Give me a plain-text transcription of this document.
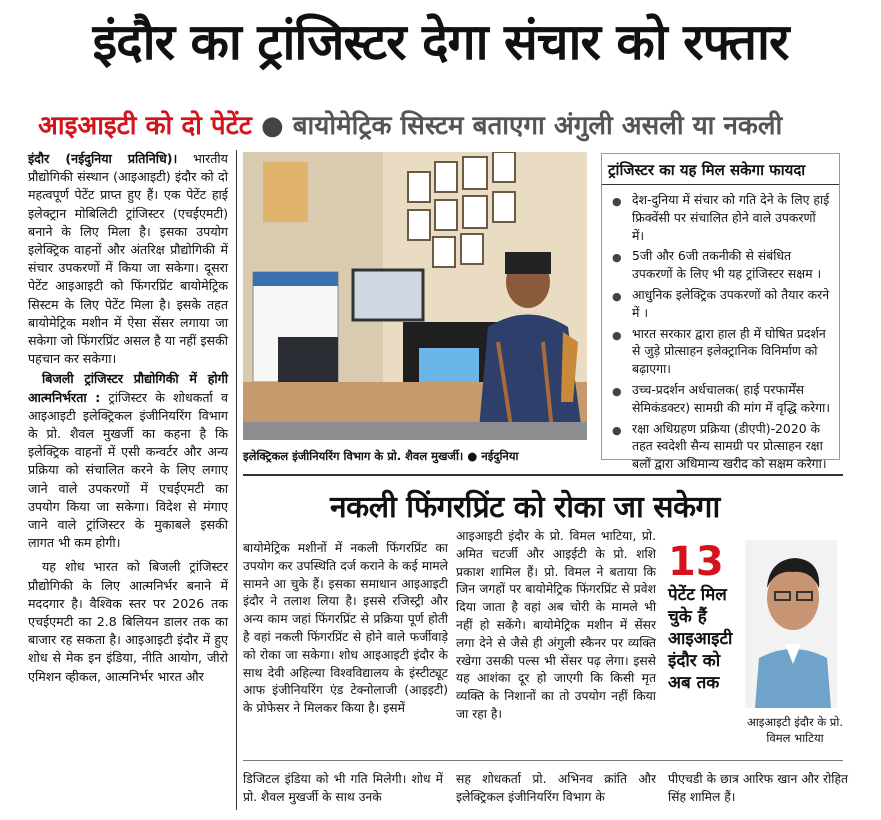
इंदौर का ट्रांजिस्टर देगा संचार को रफ्तार
आइआइटी को दो पेटेंट ● बायोमेट्रिक सिस्टम बताएगा अंगुली असली या नकली

इंदौर (नईदुनिया प्रतिनिधि)। भारतीय प्रौद्योगिकी संस्थान (आइआइटी) इंदौर को दो महत्वपूर्ण पेटेंट प्राप्त हुए हैं। एक पेटेंट हाई इलेक्ट्रान मोबिलिटी ट्रांजिस्टर (एचईएमटी) बनाने के लिए मिला है। इसका उपयोग इलेक्ट्रिक वाहनों और अंतरिक्ष प्रौद्योगिकी में संचार उपकरणों में किया जा सकेगा। दूसरा पेटेंट आइआइटी को फिंगरप्रिंट बायोमेट्रिक सिस्टम के लिए पेटेंट मिला है। इसके तहत बायोमेट्रिक मशीन में ऐसा सेंसर लगाया जा सकेगा जो फिंगरप्रिंट असल है या नहीं इसकी पहचान कर सकेगा।

बिजली ट्रांजिस्टर प्रौद्योगिकी में होगी आत्मनिर्भरता : ट्रांजिस्टर के शोधकर्ता व आइआइटी इलेक्ट्रिकल इंजीनियरिंग विभाग के प्रो. शैवल मुखर्जी का कहना है कि इलेक्ट्रिक वाहनों में एसी कन्वर्टर और अन्य प्रक्रिया को संचालित करने के लिए लगाए जाने वाले उपकरणों में एचईएमटी का उपयोग किया जा सकेगा। विदेश से मंगाए जाने वाले ट्रांजिस्टर के मुकाबले इसकी लागत भी कम होगी।

यह शोध भारत को बिजली ट्रांजिस्टर प्रौद्योगिकी के लिए आत्मनिर्भर बनाने में मददगार है। वैश्विक स्तर पर 2026 तक एचईएमटी का 2.8 बिलियन डालर तक का बाजार रह सकता है। आइआइटी इंदौर में हुए शोध से मेक इन इंडिया, नीति आयोग, जीरो एमिशन व्हीकल, आत्मनिर्भर भारत और

इलेक्ट्रिकल इंजीनियरिंग विभाग के प्रो. शैवल मुखर्जी। ● नईदुनिया
ट्रांजिस्टर का यह मिल सकेगा फायदा
● देश-दुनिया में संचार को गति देने के लिए हाई फ्रिक्वेंसी पर संचालित होने वाले उपकरणों में।
● 5जी और 6जी तकनीकी से संबंधित उपकरणों के लिए भी यह ट्रांजिस्टर सक्षम ।
● आधुनिक इलेक्ट्रिक उपकरणों को तैयार करने में ।
● भारत सरकार द्वारा हाल ही में घोषित प्रदर्शन से जुड़े प्रोत्साहन इलेक्ट्रानिक विनिर्माण को बढ़ाएगा।
● उच्च-प्रदर्शन अर्धचालक( हाई परफार्मेंस सेमिकंडक्टर) सामग्री की मांग में वृद्धि करेगा।
● रक्षा अधिग्रहण प्रक्रिया (डीएपी)-2020 के तहत स्वदेशी सैन्य सामग्री पर प्रोत्साहन रक्षा बलों द्वारा अधिमान्य खरीद को सक्षम करेगा।
नकली फिंगरप्रिंट को रोका जा सकेगा
बायोमेट्रिक मशीनों में नकली फिंगरप्रिंट का उपयोग कर उपस्थिति दर्ज कराने के कई मामले सामने आ चुके हैं। इसका समाधान आइआइटी इंदौर ने तलाश लिया है। इससे रजिस्ट्री और अन्य काम जहां फिंगरप्रिंट से प्रक्रिया पूर्ण होती है वहां नकली फिंगरप्रिंट से होने वाले फर्जीवाड़े को रोका जा सकेगा। शोध आइआइटी इंदौर के साथ देवी अहिल्या विश्वविद्यालय के इंस्टीट्यूट आफ इंजीनियरिंग एंड टेक्नोलाजी (आइइटी) के प्रोफेसर ने मिलकर किया है। इसमें
आइआइटी इंदौर के प्रो. विमल भाटिया, प्रो. अमित चटर्जी और आइईटी के प्रो. शशि प्रकाश शामिल हैं। प्रो. विमल ने बताया कि जिन जगहों पर बायोमेट्रिक फिंगरप्रिंट से प्रवेश दिया जाता है वहां अब चोरी के मामले भी नहीं हो सकेंगे। बायोमेट्रिक मशीन में सेंसर लगा देने से जैसे ही अंगुली स्कैनर पर व्यक्ति रखेगा उसकी पल्स भी सेंसर पढ़ लेगा। इससे यह आशंका दूर हो जाएगी कि किसी मृत व्यक्ति के निशानों का तो उपयोग नहीं किया जा रहा है।
13
पेटेंट मिल चुके हैं आइआइटी इंदौर को अब तक
आइआइटी इंदौर के प्रो. विमल भाटिया
डिजिटल इंडिया को भी गति मिलेगी। शोध में प्रो. शैवल मुखर्जी के साथ उनके
सह शोधकर्ता प्रो. अभिनव क्रांति और इलेक्ट्रिकल इंजीनियरिंग विभाग के
पीएचडी के छात्र आरिफ खान और रोहित सिंह शामिल हैं।
